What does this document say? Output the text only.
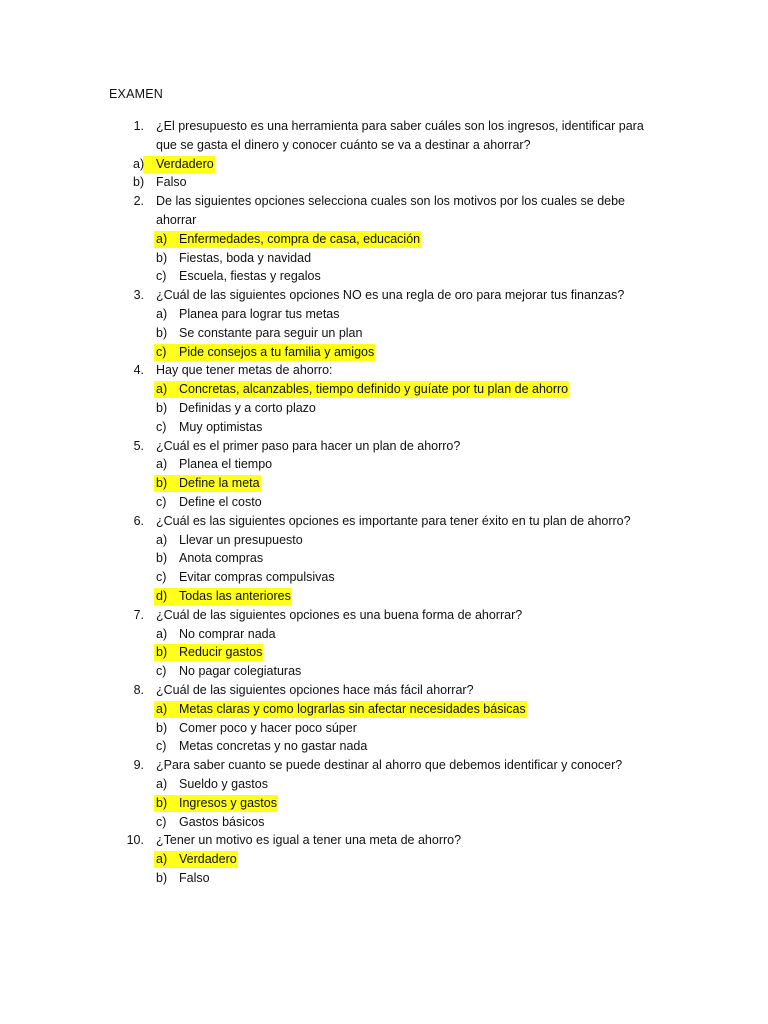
EXAMEN
1. ¿El presupuesto es una herramienta para saber cuáles son los ingresos, identificar para
que se gasta el dinero y conocer cuánto se va a destinar a ahorrar?
a) Verdadero
b) Falso
2. De las siguientes opciones selecciona cuales son los motivos por los cuales se debe
ahorrar
a) Enfermedades, compra de casa, educación
b) Fiestas, boda y navidad
c) Escuela, fiestas y regalos
3. ¿Cuál de las siguientes opciones NO es una regla de oro para mejorar tus finanzas?
a) Planea para lograr tus metas
b) Se constante para seguir un plan
c) Pide consejos a tu familia y amigos
4. Hay que tener metas de ahorro:
a) Concretas, alcanzables, tiempo definido y guíate por tu plan de ahorro
b) Definidas y a corto plazo
c) Muy optimistas
5. ¿Cuál es el primer paso para hacer un plan de ahorro?
a) Planea el tiempo
b) Define la meta
c) Define el costo
6. ¿Cuál es las siguientes opciones es importante para tener éxito en tu plan de ahorro?
a) Llevar un presupuesto
b) Anota compras
c) Evitar compras compulsivas
d) Todas las anteriores
7. ¿Cuál de las siguientes opciones es una buena forma de ahorrar?
a) No comprar nada
b) Reducir gastos
c) No pagar colegiaturas
8. ¿Cuál de las siguientes opciones hace más fácil ahorrar?
a) Metas claras y como lograrlas sin afectar necesidades básicas
b) Comer poco y hacer poco súper
c) Metas concretas y no gastar nada
9. ¿Para saber cuanto se puede destinar al ahorro que debemos identificar y conocer?
a) Sueldo y gastos
b) Ingresos y gastos
c) Gastos básicos
10. ¿Tener un motivo es igual a tener una meta de ahorro?
a) Verdadero
b) Falso
